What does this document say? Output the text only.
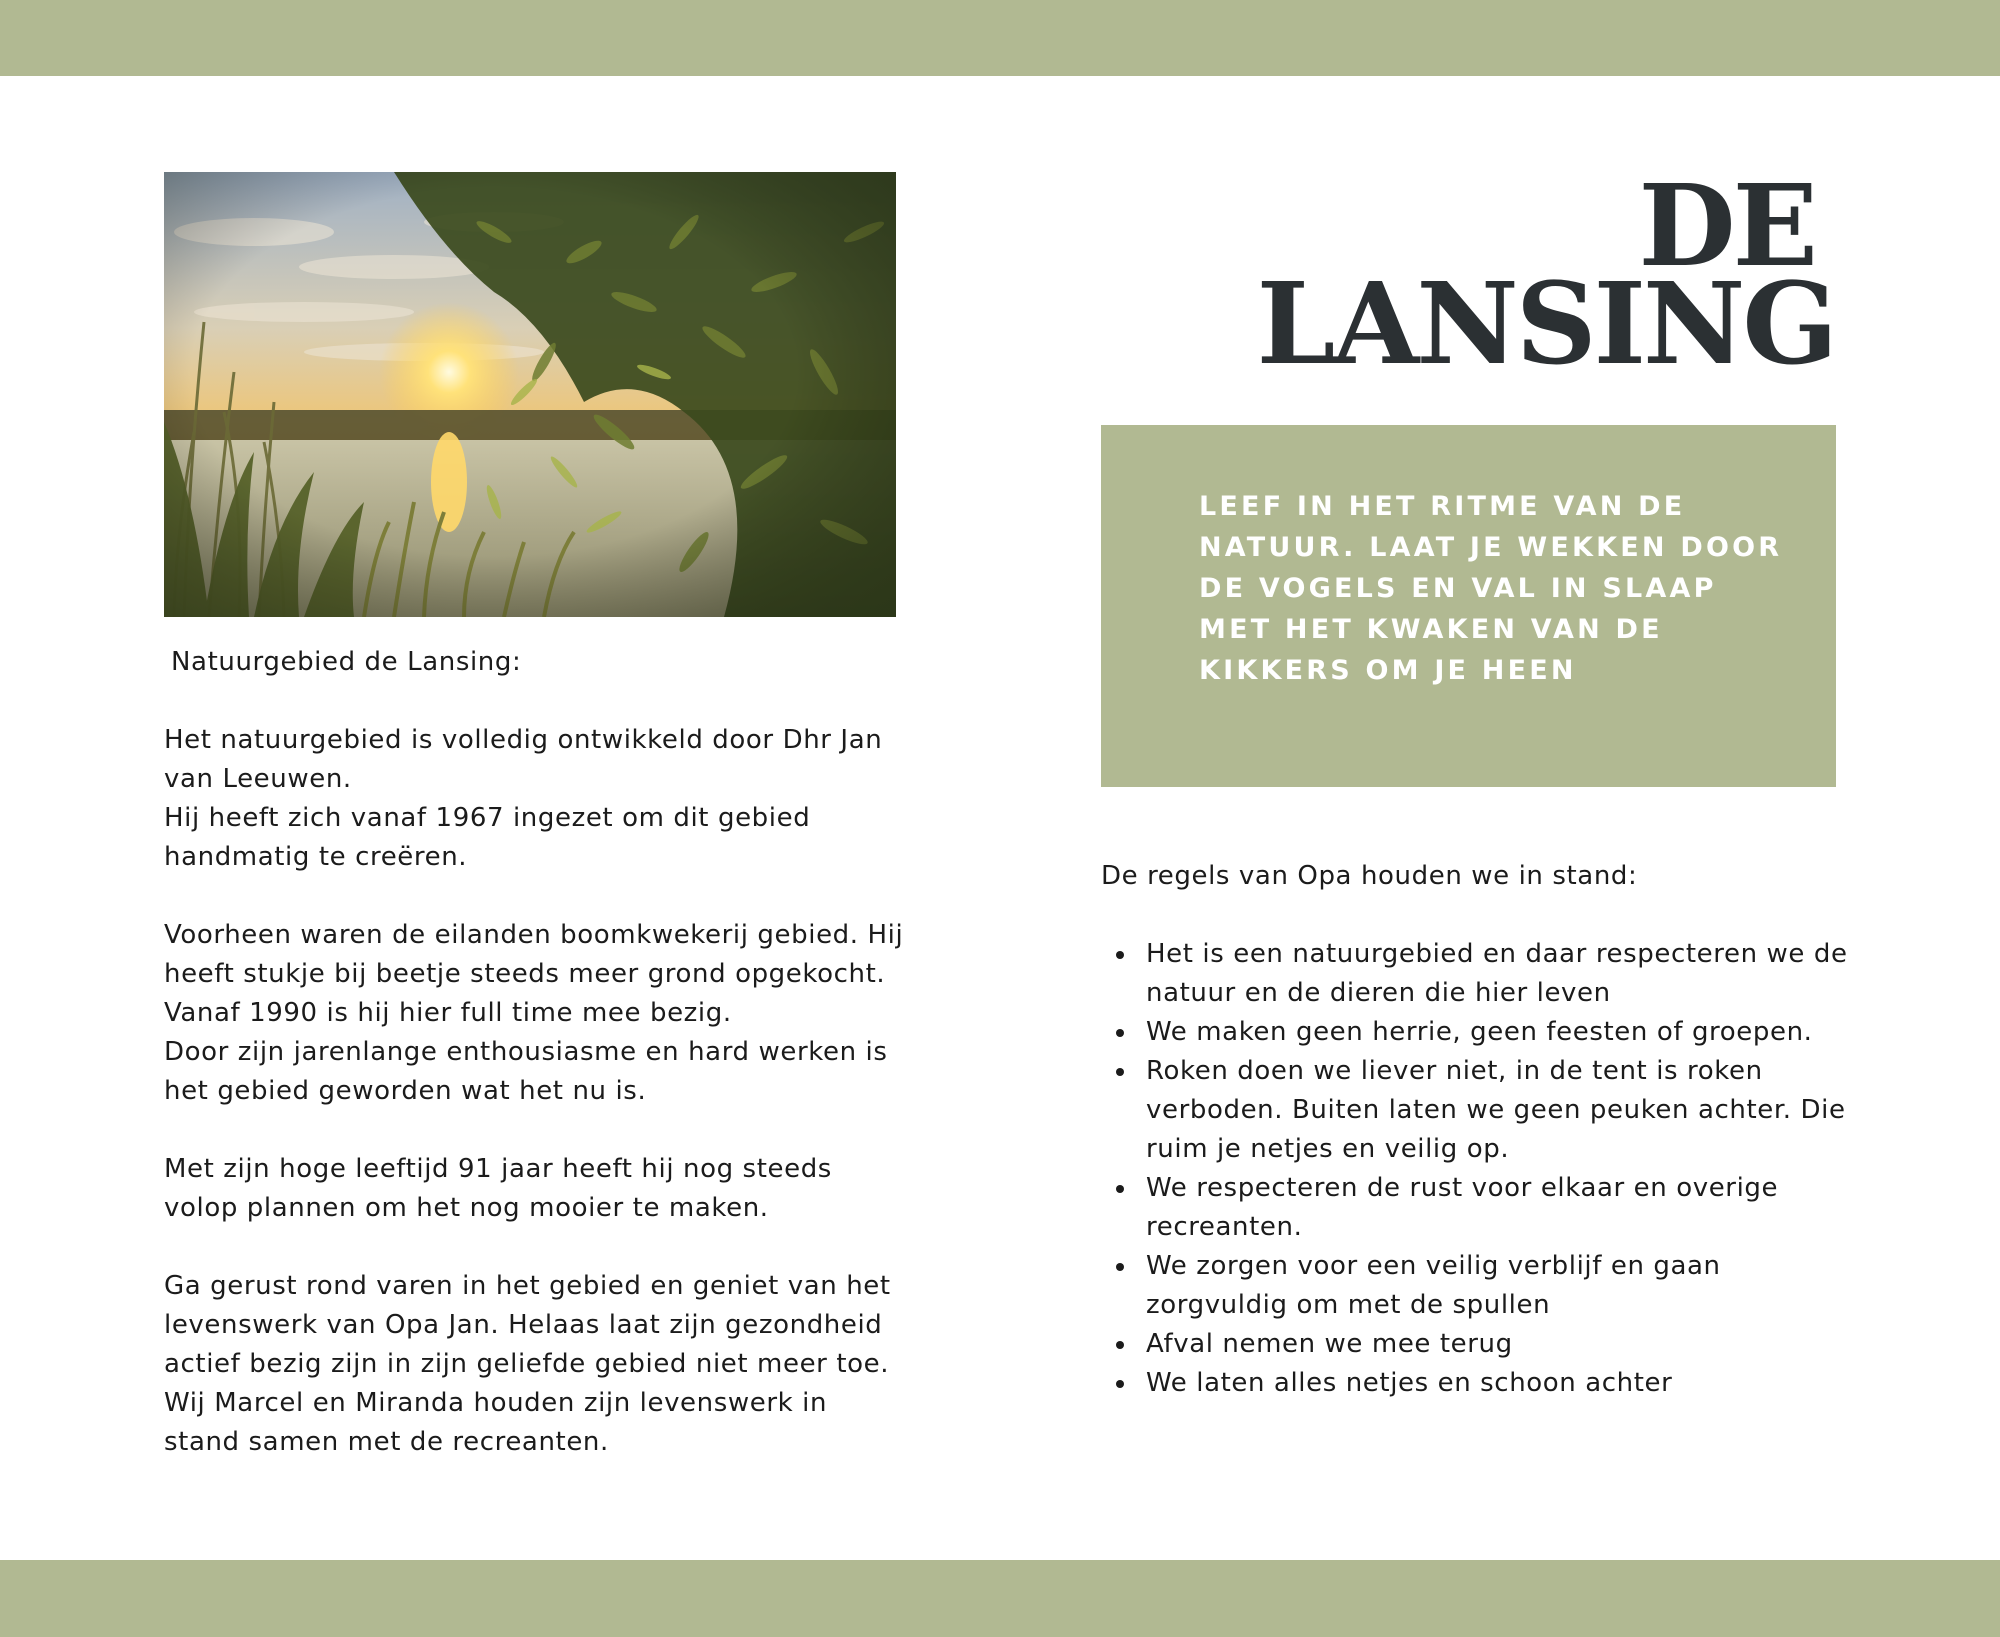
Natuurgebied de Lansing:

Het natuurgebied is volledig ontwikkeld door Dhr Jan van Leeuwen.
Hij heeft zich vanaf 1967 ingezet om dit gebied handmatig te creëren.

Voorheen waren de eilanden boomkwekerij gebied. Hij heeft stukje bij beetje steeds meer grond opgekocht.
Vanaf 1990 is hij hier full time mee bezig.
Door zijn jarenlange enthousiasme en hard werken is het gebied geworden wat het nu is.

Met zijn hoge leeftijd 91 jaar heeft hij nog steeds volop plannen om het nog mooier te maken.

Ga gerust rond varen in het gebied en geniet van het levenswerk van Opa Jan. Helaas laat zijn gezondheid actief bezig zijn in zijn geliefde gebied niet meer toe. Wij Marcel en Miranda houden zijn levenswerk in stand samen met de recreanten.

DE
LANSING
LEEF IN HET RITME VAN DE NATUUR. LAAT JE WEKKEN DOOR DE VOGELS EN VAL IN SLAAP MET HET KWAKEN VAN DE KIKKERS OM JE HEEN

De regels van Opa houden we in stand:

Het is een natuurgebied en daar respecteren we de natuur en de dieren die hier leven
We maken geen herrie, geen feesten of groepen.
Roken doen we liever niet, in de tent is roken verboden. Buiten laten we geen peuken achter. Die ruim je netjes en veilig op.
We respecteren de rust voor elkaar en overige recreanten.
We zorgen voor een veilig verblijf en gaan zorgvuldig om met de spullen
Afval nemen we mee terug
We laten alles netjes en schoon achter
